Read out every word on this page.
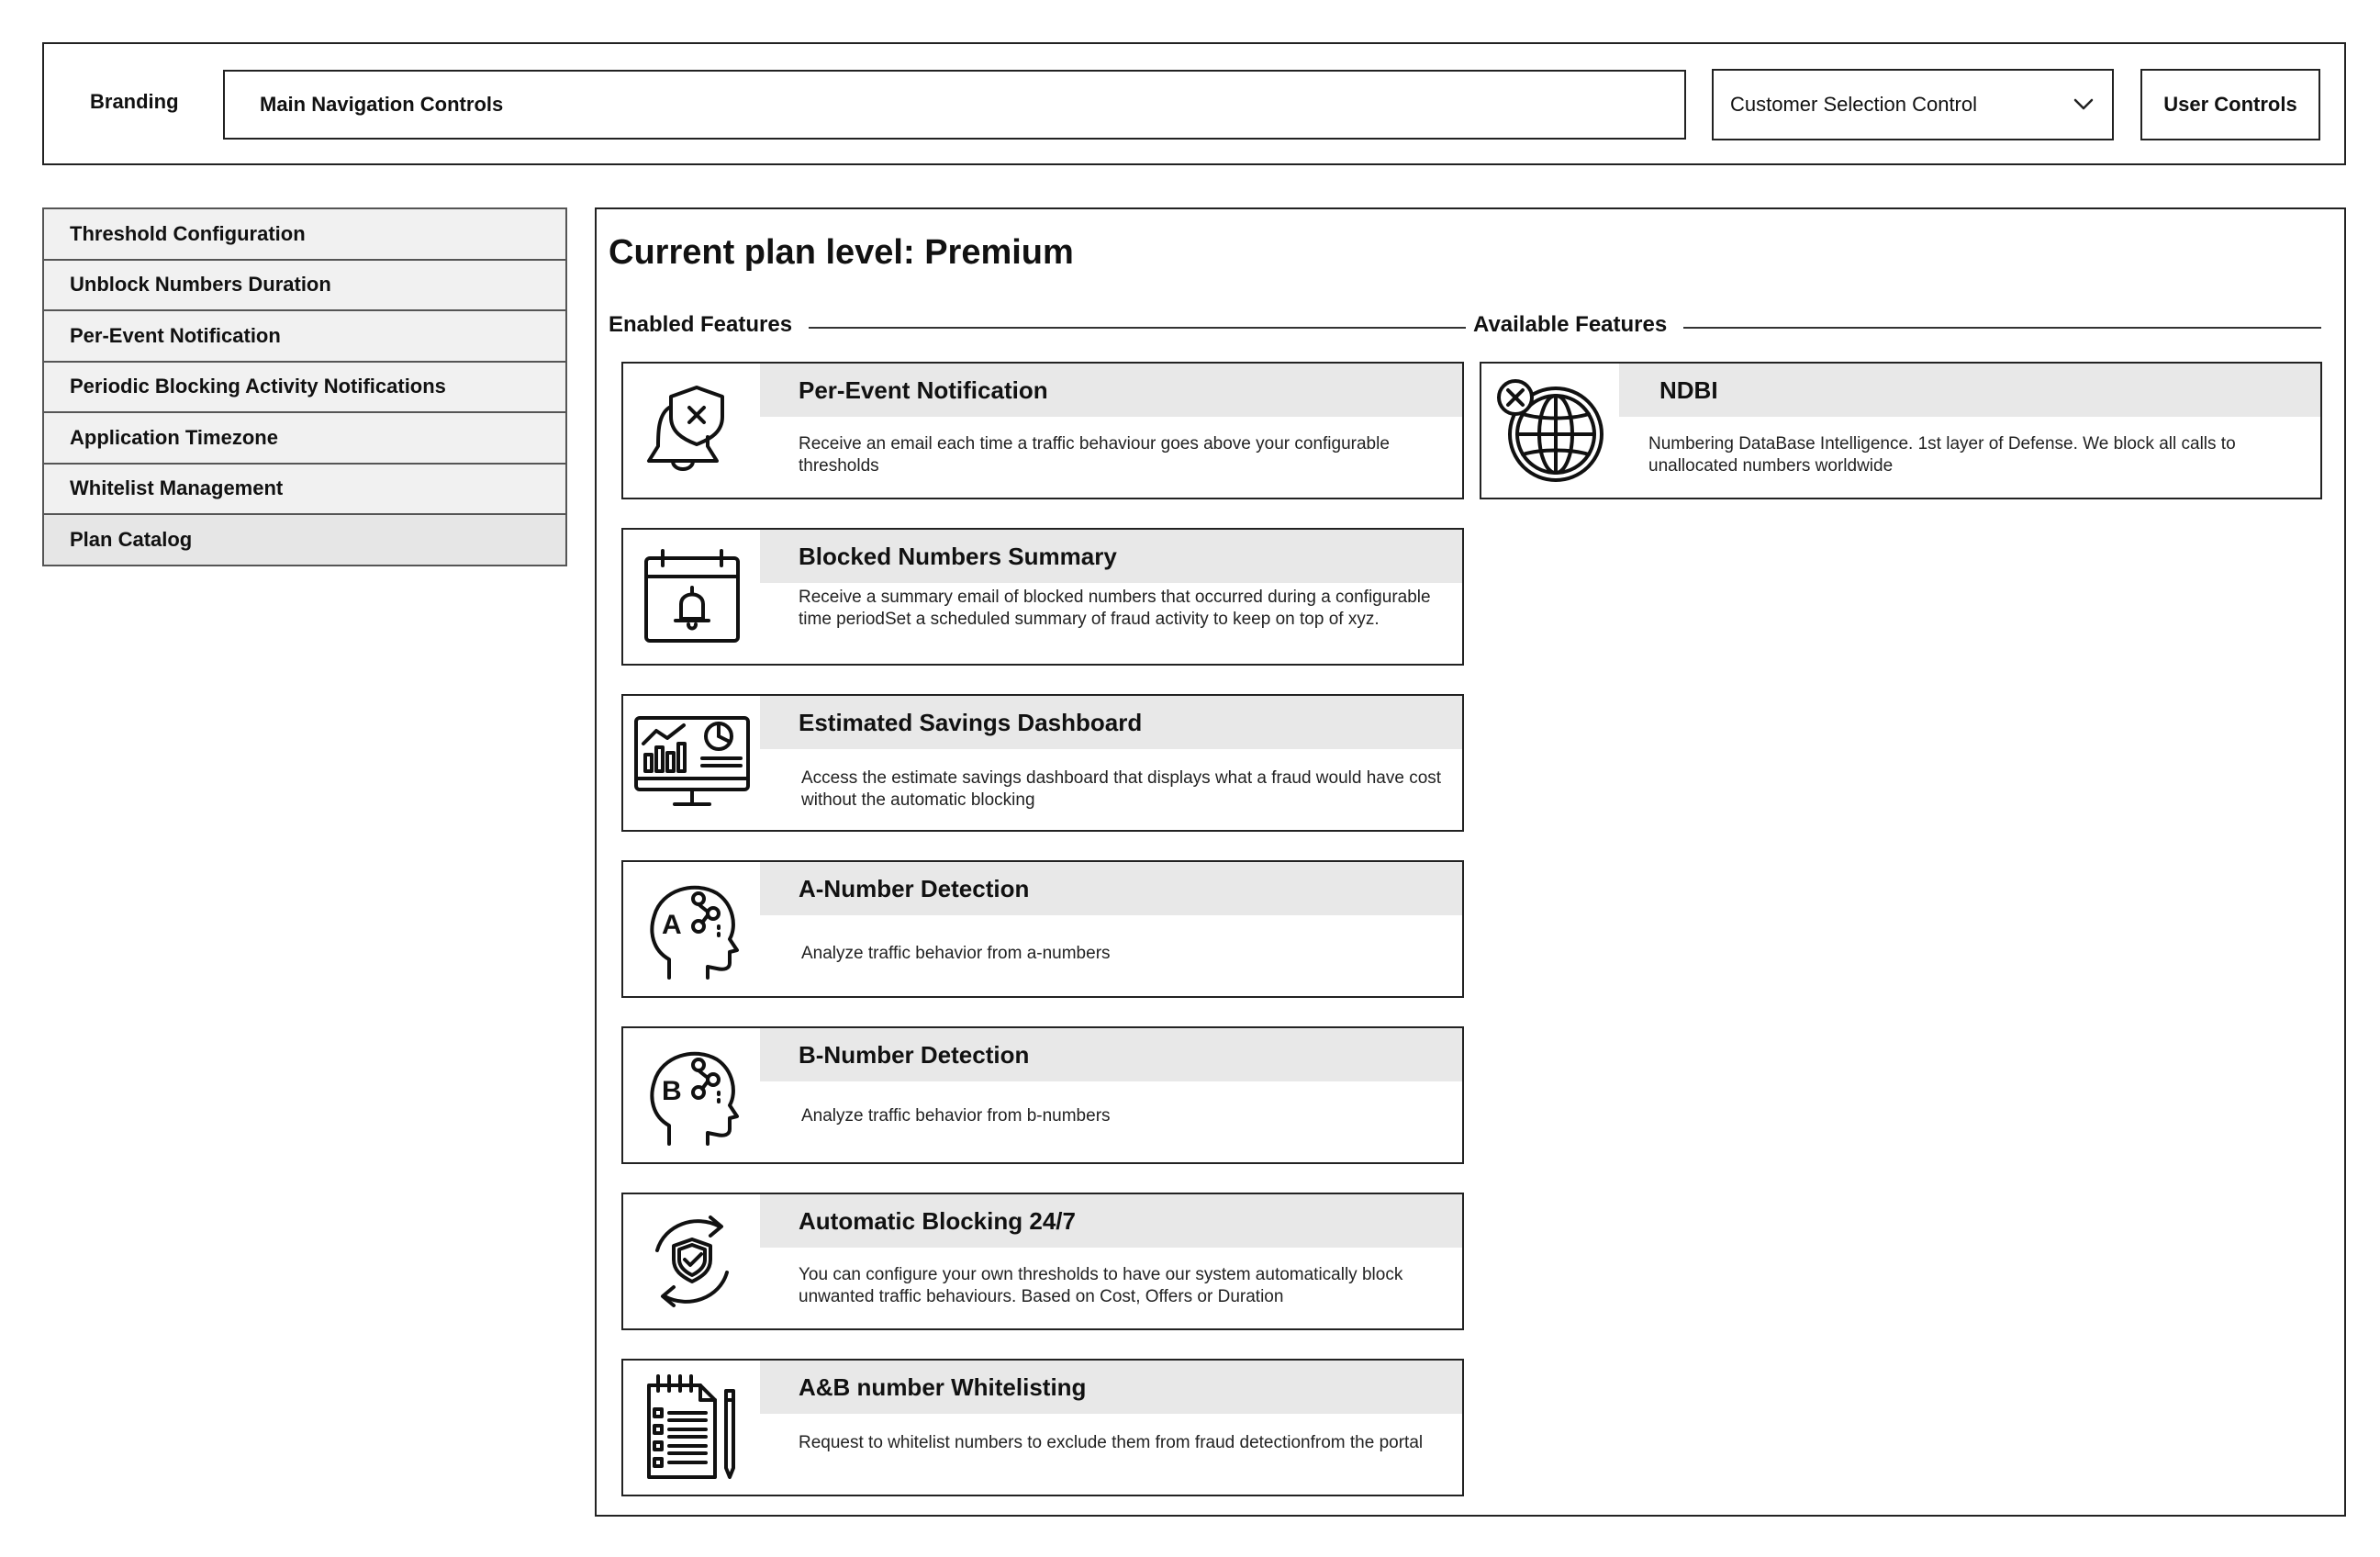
Branding	Main Navigation Controls	Customer Selection Control	User Controls
Threshold Configuration
Unblock Numbers Duration
Per-Event Notification
Periodic Blocking Activity Notifications
Application Timezone
Whitelist Management
Plan Catalog
Current plan level: Premium
Enabled Features	Available Features
Per-Event Notification
Receive an email each time a traffic behaviour goes above your configurable thresholds
Blocked Numbers Summary
Receive a summary email of blocked numbers that occurred during a configurable time periodSet a scheduled summary of fraud activity to keep on top of xyz.
Estimated Savings Dashboard
Access the estimate savings dashboard that displays what a fraud would have cost without the automatic blocking
A
A-Number Detection
Analyze traffic behavior from a-numbers
B
B-Number Detection
Analyze traffic behavior from b-numbers
Automatic Blocking 24/7
You can configure your own thresholds to have our system automatically block unwanted traffic behaviours. Based on Cost, Offers or Duration
A&B number Whitelisting
Request to whitelist numbers to exclude them from fraud detectionfrom the portal
NDBI
Numbering DataBase Intelligence. 1st layer of Defense. We block all calls to unallocated numbers worldwide
